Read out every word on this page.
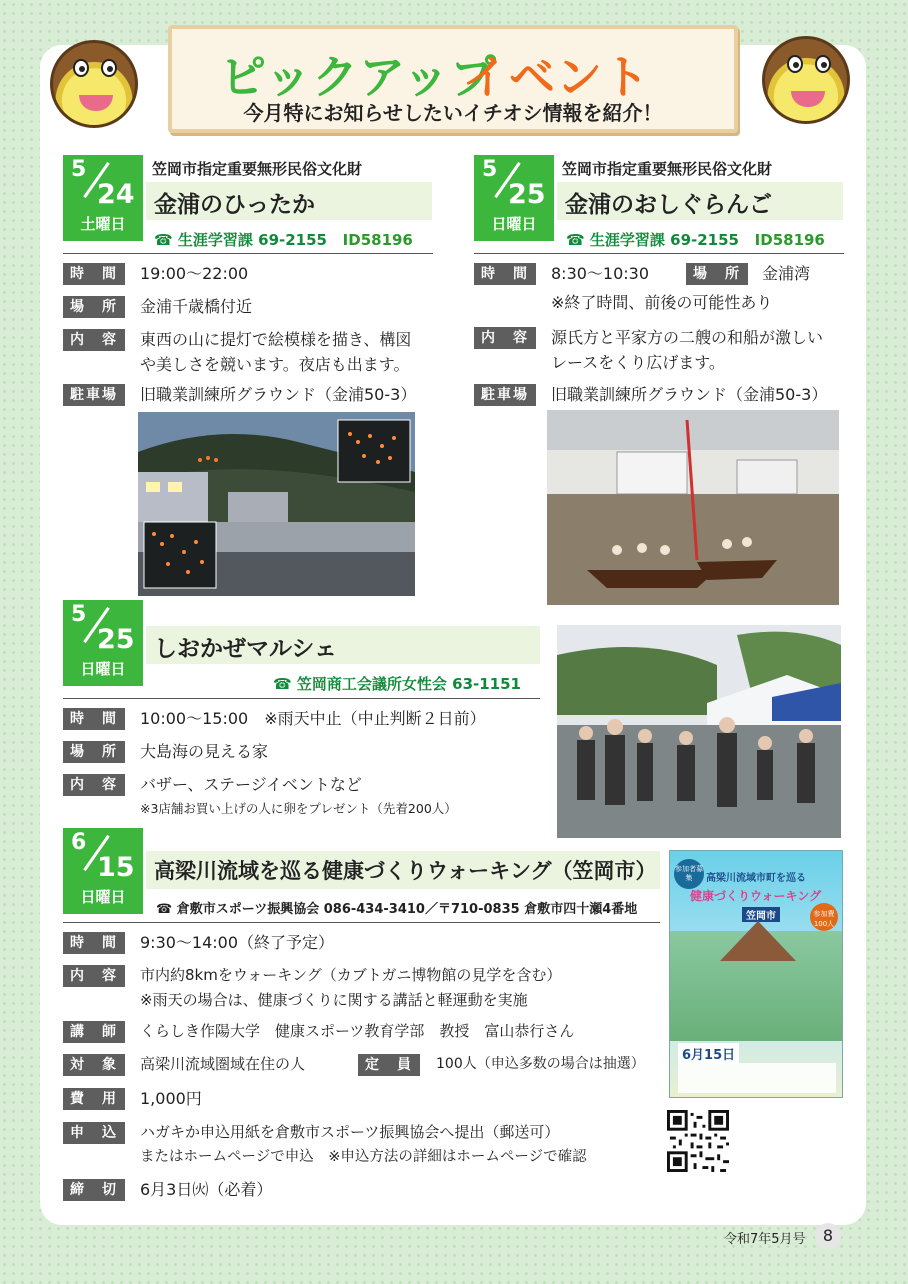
ピックアップ
イベント
今月特にお知らせしたいイチオシ情報を紹介！
5
24
土曜日
笠岡市指定重要無形民俗文化財
金浦のひったか
☎ 生涯学習課 69-2155 ID58196
時　間	19:00〜22:00
場　所	金浦千歳橋付近
内　容	東西の山に提灯で絵模様を描き、構図
や美しさを競います。夜店も出ます。
駐車場	旧職業訓練所グラウンド（金浦50-3）
5
25
日曜日
笠岡市指定重要無形民俗文化財
金浦のおしぐらんご
☎ 生涯学習課 69-2155 ID58196
時　間	8:30〜10:30	場　所	金浦湾
※終了時間、前後の可能性あり
内　容	源氏方と平家方の二艘の和船が激しい
レースをくり広げます。
駐車場	旧職業訓練所グラウンド（金浦50-3）
5
25
日曜日
しおかぜマルシェ
☎ 笠岡商工会議所女性会 63-1151
時　間	10:00〜15:00　※雨天中止（中止判断２日前）
場　所	大島海の見える家
内　容	バザー、ステージイベントなど
※3店舗お買い上げの人に卵をプレゼント（先着200人）
6
15
日曜日
高梁川流域を巡る健康づくりウォーキング（笠岡市）
☎ 倉敷市スポーツ振興協会 086-434-3410／〒710-0835 倉敷市四十瀬4番地
時　間	9:30〜14:00（終了予定）
内　容	市内約8kmをウォーキング（カブトガニ博物館の見学を含む）
※雨天の場合は、健康づくりに関する講話と軽運動を実施
講　師	くらしき作陽大学　健康スポーツ教育学部　教授　富山恭行さん
対　象	高梁川流域圏域在住の人	定　員	100人（申込多数の場合は抽選）
費　用	1,000円
申　込	ハガキか申込用紙を倉敷市スポーツ振興協会へ提出（郵送可）
またはホームページで申込　※申込方法の詳細はホームページで確認
締　切	6月3日㈫（必着）
参加者募集	高梁川流域市町を巡る
健康づくりウォーキング
笠岡市	参加費 100人
6月15日
令和7年5月号	8
